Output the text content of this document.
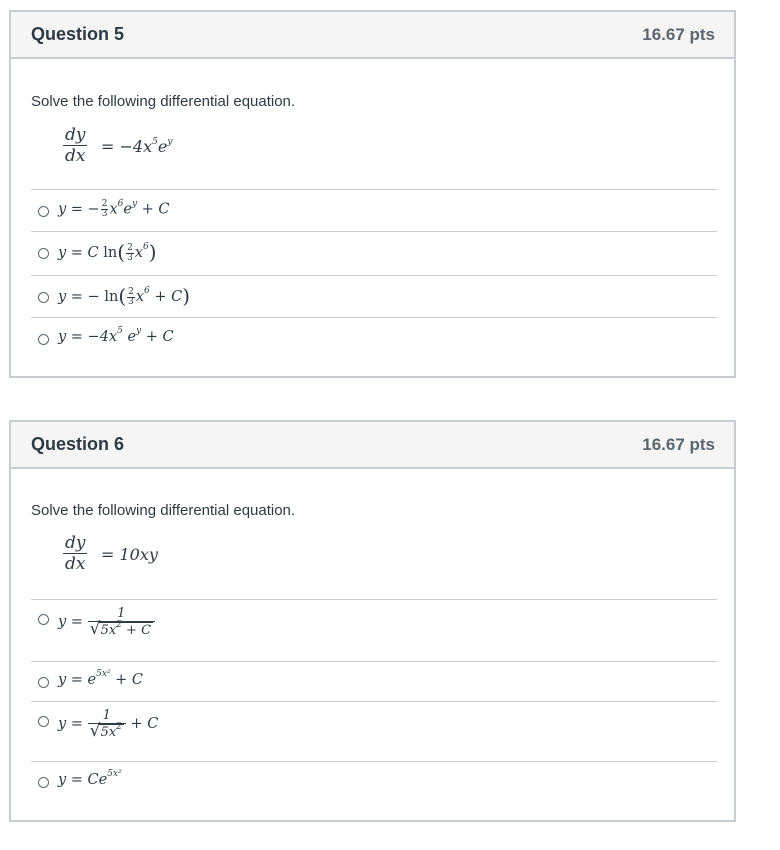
Question 5	16.67 pts
Solve the following differential equation.
$\frac{dy}{dx} = -4x^5e^y$
y = − $\frac{2}{3} x^6e^y + C$
y = C $\ln( \frac{2}{3} x^6)$
y = − $\ln( \frac{2}{3} x^6 + C)$
$y = -4x^5$ $e^y + C$
Question 6	16.67 pts
Solve the following differential equation.
$\frac{dy}{dx} = 10xy$
$y = \frac{1}{√ 5x^2 + C}$
$y = e^{5x^2} + C$
$y = \frac{1}{√ 5x^2} + C$
$y = Ce^{5x^2}$
